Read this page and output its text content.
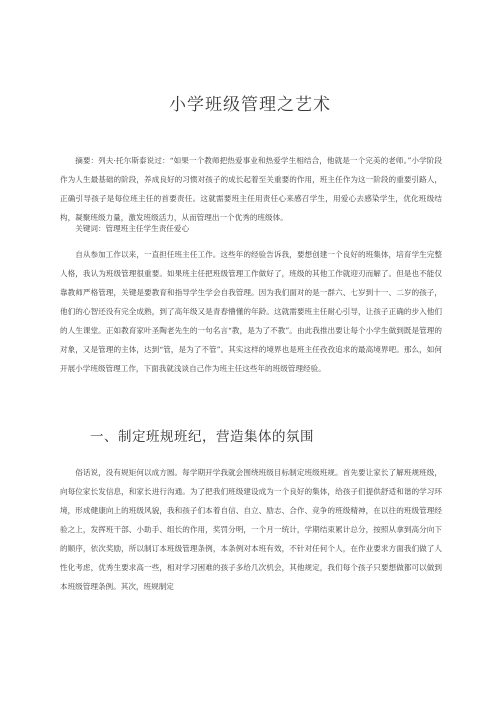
小学班级管理之艺术

摘要：列夫·托尔斯泰说过：“如果一个教师把热爱事业和热爱学生相结合，他就是一个完美的老师。”小学阶段作为人生最基础的阶段，养成良好的习惯对孩子的成长起着至关重要的作用，班主任作为这一阶段的重要引路人，正确引导孩子是每位班主任的首要责任。这就需要班主任用责任心来感召学生，用爱心去感染学生，优化班级结构，凝聚班级力量，激发班级活力，从而管理出一个优秀的班级体。

关键词：管理班主任学生责任爱心

自从参加工作以来，一直担任班主任工作。这些年的经验告诉我，要想创建一个良好的班集体，培育学生完整人格，我认为班级管理很重要。如果班主任把班级管理工作做好了，班级的其他工作就迎刃而解了。但是也不能仅靠教师严格管理，关键是要教育和指导学生学会自我管理。因为我们面对的是一群六、七岁到十一、二岁的孩子，他们的心智还没有完全成熟，到了高年级又是青春懵懂的年龄。这就需要班主任耐心引导，让孩子正确的步入他们的人生课堂。正如教育家叶圣陶老先生的一句名言“教，是为了不教”。由此我推出要让每个小学生做到既是管理的对象，又是管理的主体，达到“管，是为了不管”。其实这样的境界也是班主任孜孜追求的最高境界吧。那么，如何开展小学班级管理工作，下面我就浅谈自己作为班主任这些年的班级管理经验。

一、制定班规班纪，营造集体的氛围

俗话说，没有规矩何以成方圆。每学期开学我就会围绕班级目标制定班级班规。首先要让家长了解班规班级，向每位家长发信息，和家长进行沟通。为了把我们班级建设成为一个良好的集体，给孩子们提供舒适和谐的学习环境，形成健康向上的班级风貌，我和孩子们本着自信、自立、励志、合作、竞争的班级精神，在以往的班级管理经验之上，发挥班干部、小助手、组长的作用，奖罚分明，一个月一统计，学期结束累计总分，按照从拿到高分向下的顺序，依次奖励，所以制订本班级管理条例，本条例对本班有效，不针对任何个人，在作业要求方面我们做了人性化考虑，优秀生要求高一些，相对学习困难的孩子多给几次机会，其他规定，我们每个孩子只要想做都可以做到本班级管理条例。其次，班规制定
